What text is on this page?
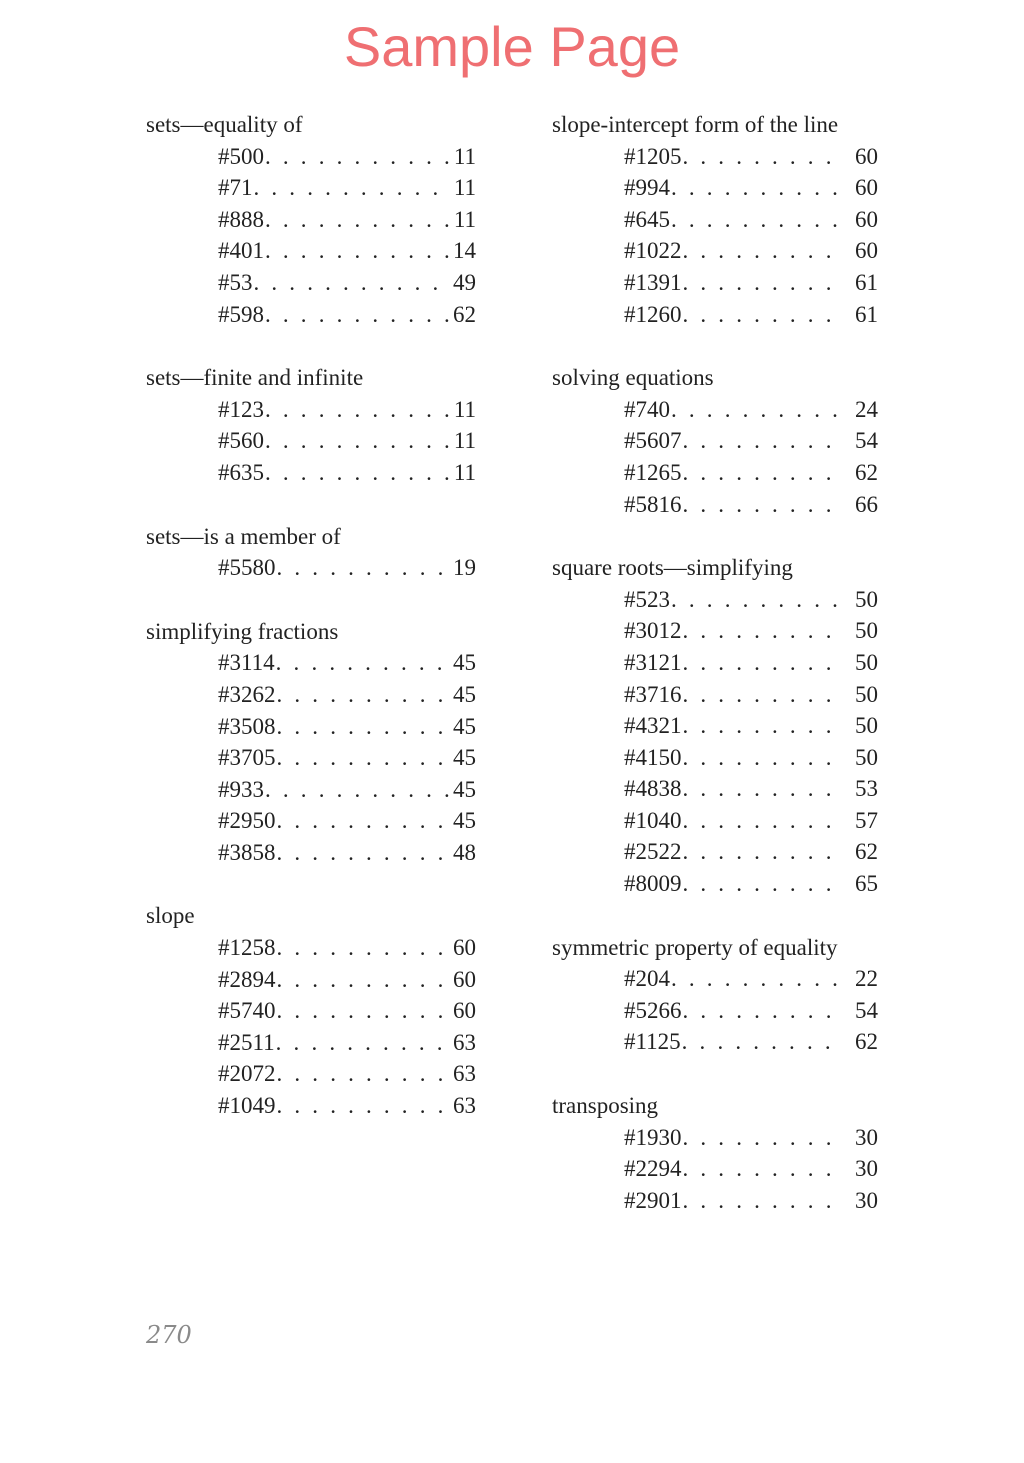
Sample Page
sets—equality of
#500 . . .	11
#71 . . .	11
#888 . . .	11
#401 . . .	14
#53 . . .	49
#598 . . .	62
sets—finite and infinite
#123 . . .	11
#560 . . .	11
#635 . . .	11
sets—is a member of
#5580 . . .	19
simplifying fractions
#3114 . . .	45
#3262 . . .	45
#3508 . . .	45
#3705 . . .	45
#933 . . .	45
#2950 . . .	45
#3858 . . .	48
slope
#1258 . . .	60
#2894 . . .	60
#5740 . . .	60
#2511 . . .	63
#2072 . . .	63
#1049 . . .	63
slope-intercept form of the line
#1205 . . .	60
#994 . . .	60
#645 . . .	60
#1022 . . .	60
#1391 . . .	61
#1260 . . .	61
solving equations
#740 . . .	24
#5607 . . .	54
#1265 . . .	62
#5816 . . .	66
square roots—simplifying
#523 . . .	50
#3012 . . .	50
#3121 . . .	50
#3716 . . .	50
#4321 . . .	50
#4150 . . .	50
#4838 . . .	53
#1040 . . .	57
#2522 . . .	62
#8009 . . .	65
symmetric property of equality
#204 . . .	22
#5266 . . .	54
#1125 . . .	62
transposing
#1930 . . .	30
#2294 . . .	30
#2901 . . .	30
270
